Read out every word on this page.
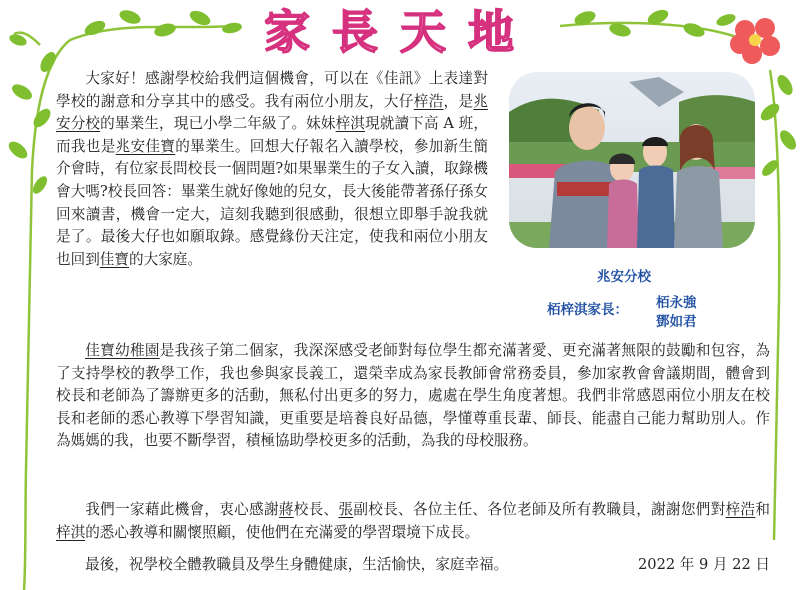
家長天地
大家好！感謝學校給我們這個機會，可以在《佳訊》上表達對學校的謝意和分享其中的感受。我有兩位小朋友，大仔梓浩，是兆安分校的畢業生，現已小學二年級了。妹妹梓淇現就讀下高 A 班，而我也是兆安佳寶的畢業生。回想大仔報名入讀學校，參加新生簡介會時，有位家長問校長一個問題?如果畢業生的子女入讀，取錄機會大嗎?校長回答：畢業生就好像她的兒女，長大後能帶著孫仔孫女回來讀書，機會一定大，這刻我聽到很感動，很想立即舉手說我就是了。最後大仔也如願取錄。感覺緣份天注定，使我和兩位小朋友也回到佳寶的大家庭。
兆安分校
栢梓淇家長： 栢永強
鄧如君
佳寶幼稚園是我孩子第二個家，我深深感受老師對每位學生都充滿著愛、更充滿著無限的鼓勵和包容，為了支持學校的教學工作，我也參與家長義工，還榮幸成為家長教師會常務委員，參加家教會會議期間，體會到校長和老師為了籌辦更多的活動，無私付出更多的努力，處處在學生角度著想。我們非常感恩兩位小朋友在校長和老師的悉心教導下學習知識，更重要是培養良好品德，學懂尊重長輩、師長、能盡自己能力幫助別人。作為媽媽的我，也要不斷學習，積極協助學校更多的活動，為我的母校服務。
我們一家藉此機會，衷心感謝蔣校長、張副校長、各位主任、各位老師及所有教職員，謝謝您們對梓浩和梓淇的悉心教導和關懷照顧，使他們在充滿愛的學習環境下成長。
最後，祝學校全體教職員及學生身體健康，生活愉快，家庭幸福。	2022 年 9 月 22 日
